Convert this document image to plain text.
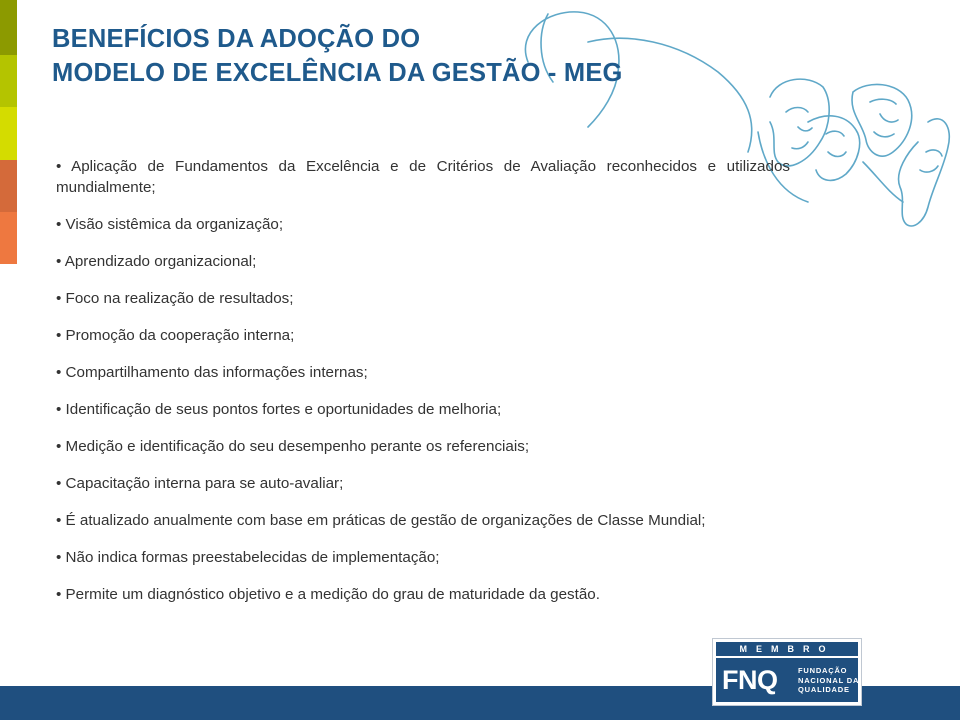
BENEFÍCIOS DA ADOÇÃO DO
MODELO DE EXCELÊNCIA DA GESTÃO - MEG
• Aplicação de Fundamentos da Excelência e de Critérios de Avaliação reconhecidos e utilizados mundialmente;
• Visão sistêmica da organização;
• Aprendizado organizacional;
• Foco na realização de resultados;
• Promoção da cooperação interna;
• Compartilhamento das informações internas;
• Identificação de seus pontos fortes e oportunidades de melhoria;
• Medição e identificação do seu desempenho perante os referenciais;
• Capacitação interna para se auto-avaliar;
• É atualizado anualmente com base em práticas de gestão de organizações de Classe Mundial;
• Não indica formas preestabelecidas de implementação;
• Permite um diagnóstico objetivo e a medição do grau de maturidade da gestão.
MEMBRO
FNQ	FUNDAÇÃO
NACIONAL DA
QUALIDADE
